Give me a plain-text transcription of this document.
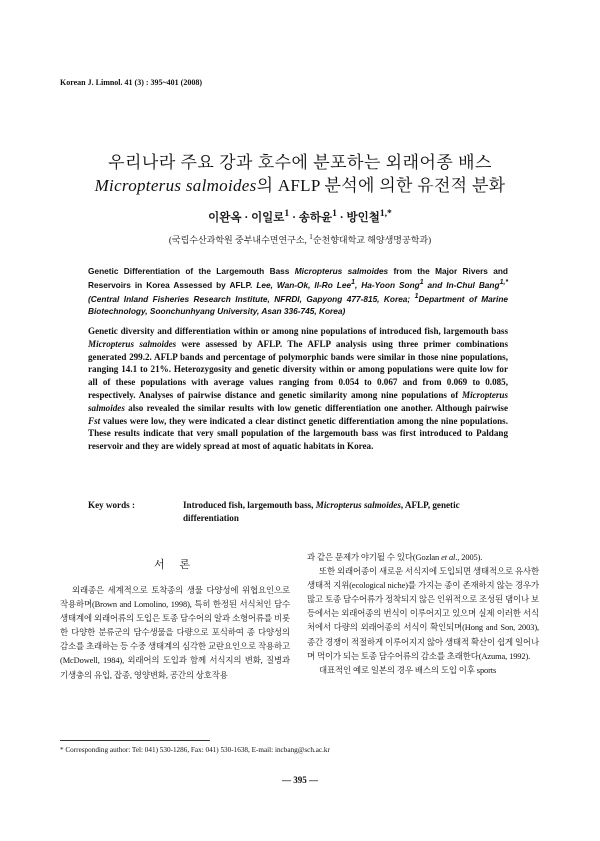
Korean J. Limnol. 41 (3) : 395~401 (2008)
우리나라 주요 강과 호수에 분포하는 외래어종 배스
Micropterus salmoides의 AFLP 분석에 의한 유전적 분화
이완옥 · 이일로$^1$ · 송하윤$^1$ · 방인철$^{1,*}$
(국립수산과학원 중부내수면연구소, $^1$순천향대학교 해양생명공학과)
Genetic Differentiation of the Largemouth Bass Micropterus salmoides from the Major Rivers and Reservoirs in Korea Assessed by AFLP. Lee, Wan-Ok, Il-Ro Lee$^1$, Ha-Yoon Song$^1$ and In-Chul Bang$^{1,*}$ (Central Inland Fisheries Research Institute, NFRDI, Gapyong 477-815, Korea; $^1$Department of Marine Biotechnology, Soonchunhyang University, Asan 336-745, Korea)
Genetic diversity and differentiation within or among nine populations of introduced fish, largemouth bass Micropterus salmoides were assessed by AFLP. The AFLP analysis using three primer combinations generated 299.2. AFLP bands and percentage of polymorphic bands were similar in those nine populations, ranging 14.1 to 21%. Heterozygosity and genetic diversity within or among populations were quite low for all of these populations with average values ranging from 0.054 to 0.067 and from 0.069 to 0.085, respectively. Analyses of pairwise distance and genetic similarity among nine populations of Micropterus salmoides also revealed the similar results with low genetic differentiation one another. Although pairwise Fst values were low, they were indicated a clear distinct genetic differentiation among the nine populations. These results indicate that very small population of the largemouth bass was first introduced to Paldang reservoir and they are widely spread at most of aquatic habitats in Korea.
Key words :	Introduced fish, largemouth bass, Micropterus salmoides, AFLP, genetic differentiation
서 론

외래종은 세계적으로 토착종의 생물 다양성에 위협요인으로 작용하며(Brown and Lomolino, 1998), 특히 한정된 서식처인 담수 생태계에 외래어류의 도입은 토종 담수어의 알과 소형어류를 비롯한 다양한 분류군의 담수생물을 다량으로 포식하여 종 다양성의 감소를 초래하는 등 수중 생태계의 심각한 교란요인으로 작용하고(McDowell, 1984), 외래어의 도입과 함께 서식지의 변화, 질병과 기생충의 유입, 잡종, 영양변화, 공간의 상호작용

과 같은 문제가 야기될 수 있다(Gozlan et al., 2005).

또한 외래어종이 새로운 서식지에 도입되면 생태적으로 유사한 생태적 지위(ecological niche)를 가지는 종이 존재하지 않는 경우가 많고 토종 담수어류가 정착되지 않은 인위적으로 조성된 댐이나 보 등에서는 외래어종의 번식이 이루어지고 있으며 실제 이러한 서식처에서 다량의 외래어종의 서식이 확인되며(Hong and Son, 2003), 종간 경쟁이 적절하게 이루어지지 않아 생태적 확산이 쉽게 일어나며 먹이가 되는 토종 담수어류의 감소를 초래한다(Azuma, 1992).

대표적인 예로 일본의 경우 배스의 도입 이후 sports

* Corresponding author: Tel: 041) 530-1286, Fax: 041) 530-1638, E-mail: incbang@sch.ac.kr
— 395 —
